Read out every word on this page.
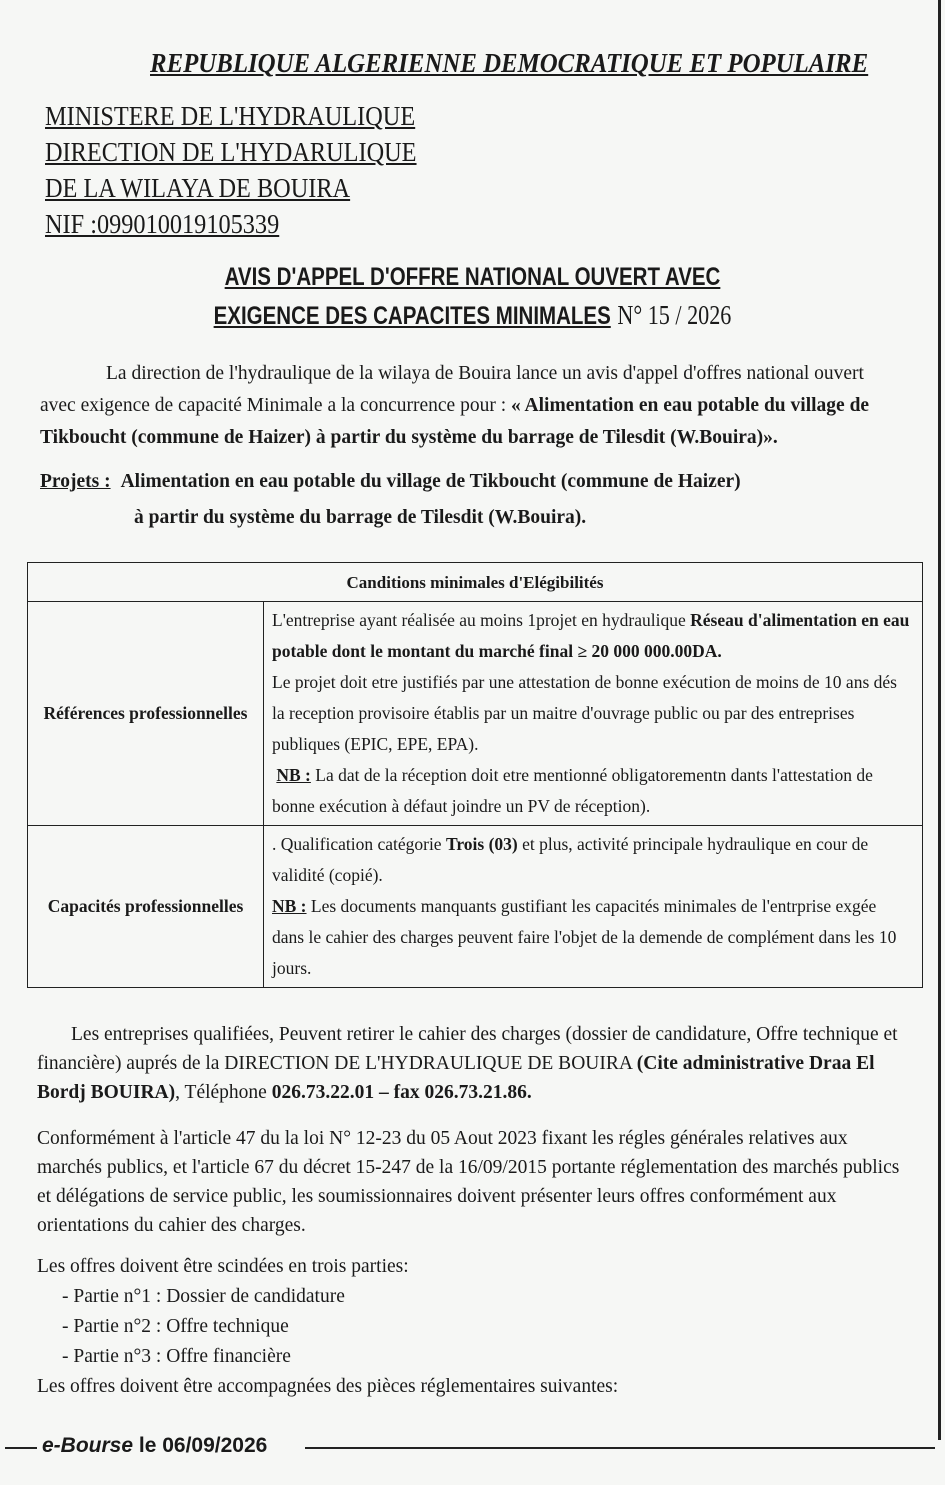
REPUBLIQUE ALGERIENNE DEMOCRATIQUE ET POPULAIRE
MINISTERE DE L'HYDRAULIQUE
DIRECTION DE L'HYDARULIQUE
DE LA WILAYA DE BOUIRA
NIF :099010019105339
AVIS D'APPEL D'OFFRE NATIONAL OUVERT AVEC
EXIGENCE DES CAPACITES MINIMALES N° 15 / 2026

La direction de l'hydraulique de la wilaya de Bouira lance un avis d'appel d'offres national ouvert avec exigence de capacité Minimale a la concurrence pour : « Alimentation en eau potable du village de Tikboucht (commune de Haizer) à partir du système du barrage de Tilesdit (W.Bouira)».

Projets : Alimentation en eau potable du village de Tikboucht (commune de Haizer)
à partir du système du barrage de Tilesdit (W.Bouira).
Canditions minimales d'Elégibilités	
Références professionnelles	L'entreprise ayant réalisée au moins 1projet en hydraulique Réseau d'alimentation en eau potable dont le montant du marché final ≥ 20 000 000.00DA.

Le projet doit etre justifiés par une attestation de bonne exécution de moins de 10 ans dés la reception provisoire établis par un maitre d'ouvrage public ou par des entreprises publiques (EPIC, EPE, EPA).

NB : La dat de la réception doit etre mentionné obligatorementn dants l'attestation de bonne exécution à défaut joindre un PV de réception).

Capacités professionnelles	. Qualification catégorie Trois (03) et plus, activité principale hydraulique en cour de validité (copié).

NB : Les documents manquants gustifiant les capacités minimales de l'entrprise exgée dans le cahier des charges peuvent faire l'objet de la demende de complément dans les 10 jours.

Les entreprises qualifiées, Peuvent retirer le cahier des charges (dossier de candidature, Offre technique et financière) auprés de la DIRECTION DE L'HYDRAULIQUE DE BOUIRA (Cite administrative Draa El Bordj BOUIRA), Téléphone 026.73.22.01 – fax 026.73.21.86.

Conformément à l'article 47 du la loi N° 12-23 du 05 Aout 2023 fixant les régles générales relatives aux marchés publics, et l'article 67 du décret 15-247 de la 16/09/2015 portante réglementation des marchés publics et délégations de service public, les soumissionnaires doivent présenter leurs offres conformément aux orientations du cahier des charges.

Les offres doivent être scindées en trois parties:

- Partie n°1 : Dossier de candidature

- Partie n°2 : Offre technique

- Partie n°3 : Offre financière

Les offres doivent être accompagnées des pièces réglementaires suivantes:

e-Bourse le 06/09/2026
